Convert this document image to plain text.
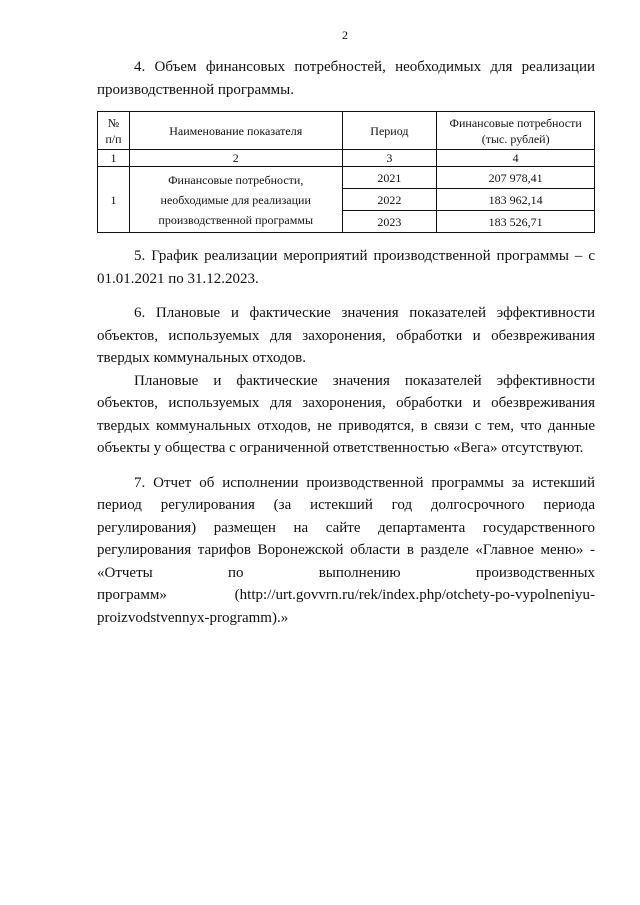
2
4. Объем финансовых потребностей, необходимых для реализации
производственной программы.
№
п/п	Наименование показателя	Период	Финансовые потребности
(тыс. рублей)
1	2	3	4
1	Финансовые потребности,
необходимые для реализации
производственной программы	2021	207 978,41
		2022	183 962,14
		2023	183 526,71
5. График реализации мероприятий производственной программы – с
01.01.2021 по 31.12.2023.
6. Плановые и фактические значения показателей эффективности
объектов, используемых для захоронения, обработки и обезвреживания
твердых коммунальных отходов.
Плановые и фактические значения показателей эффективности
объектов, используемых для захоронения, обработки и обезвреживания
твердых коммунальных отходов, не приводятся, в связи с тем, что данные
объекты у общества с ограниченной ответственностью «Вега» отсутствуют.
7. Отчет об исполнении производственной программы за истекший
период регулирования (за истекший год долгосрочного периода
регулирования) размещен на сайте департамента государственного
регулирования тарифов Воронежской области в разделе «Главное меню» -
«Отчеты по выполнению производственных
программ» (http://urt.govvrn.ru/rek/index.php/otchety-po-vypolneniyu-
proizvodstvennyx-programm).»
